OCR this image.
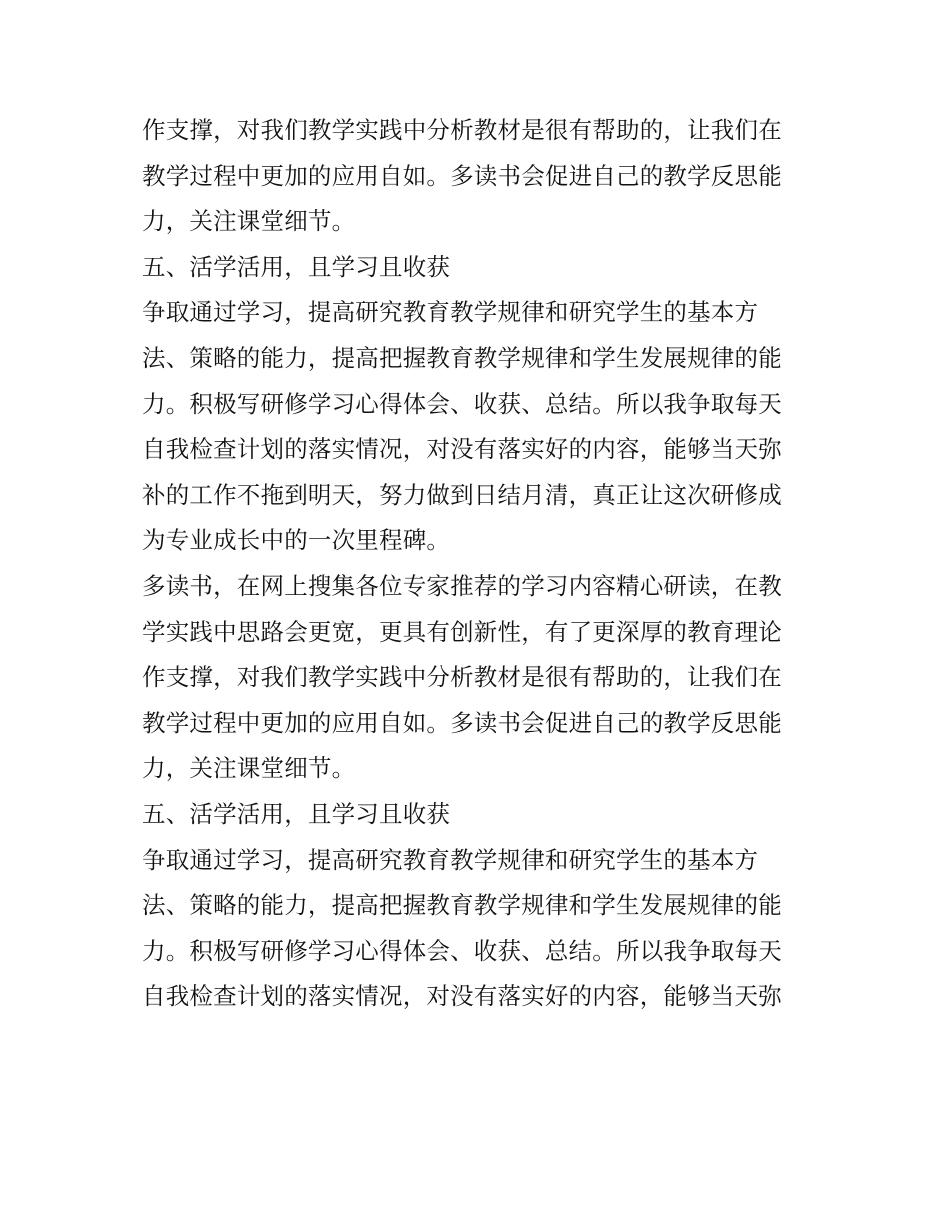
作支撑，对我们教学实践中分析教材是很有帮助的，让我们在
教学过程中更加的应用自如。多读书会促进自己的教学反思能
力，关注课堂细节。
五、活学活用，且学习且收获
争取通过学习，提高研究教育教学规律和研究学生的基本方
法、策略的能力，提高把握教育教学规律和学生发展规律的能
力。积极写研修学习心得体会、收获、总结。所以我争取每天
自我检查计划的落实情况，对没有落实好的内容，能够当天弥
补的工作不拖到明天，努力做到日结月清，真正让这次研修成
为专业成长中的一次里程碑。
多读书，在网上搜集各位专家推荐的学习内容精心研读，在教
学实践中思路会更宽，更具有创新性，有了更深厚的教育理论
作支撑，对我们教学实践中分析教材是很有帮助的，让我们在
教学过程中更加的应用自如。多读书会促进自己的教学反思能
力，关注课堂细节。
五、活学活用，且学习且收获
争取通过学习，提高研究教育教学规律和研究学生的基本方
法、策略的能力，提高把握教育教学规律和学生发展规律的能
力。积极写研修学习心得体会、收获、总结。所以我争取每天
自我检查计划的落实情况，对没有落实好的内容，能够当天弥
